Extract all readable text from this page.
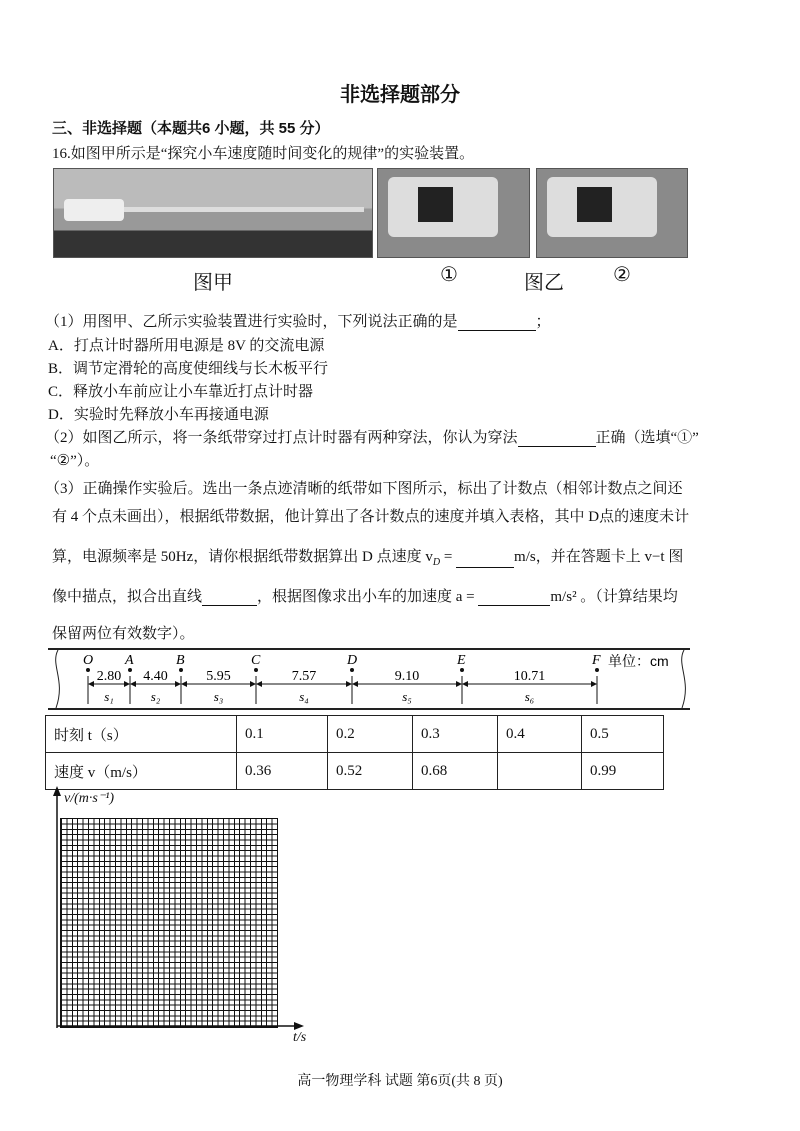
非选择题部分
三、非选择题（本题共6 小题，共 55 分）
16.如图甲所示是“探究小车速度随时间变化的规律”的实验装置。
图甲	①	图乙 ②
（1）用图甲、乙所示实验装置进行实验时，下列说法正确的是	；
A．打点计时器所用电源是 8V 的交流电源
B．调节定滑轮的高度使细线与长木板平行
C．释放小车前应让小车靠近打点计时器
D．实验时先释放小车再接通电源
（2）如图乙所示，将一条纸带穿过打点计时器有两种穿法，你认为穿法	正确（选填“①”
“②”）。
（3）正确操作实验后。选出一条点迹清晰的纸带如下图所示，标出了计数点（相邻计数点之间还
有 4 个点未画出），根据纸带数据，他计算出了各计数点的速度并填入表格，其中 D点的速度未计
算，电源频率是 50Hz，请你根据纸带数据算出 D 点速度 $v_D$ =	m/s，并在答题卡上 v−t 图
像中描点，拟合出直线	，根据图像求出小车的加速度 a =	m/s² 。（计算结果均
保留两位有效数字）。
O
2.80
s₁
A
4.40
s₂
B
5.95
s₃
C
7.57
s₄
D
9.10
s₅
E
10.71
s₆
F 单位：cm
时刻 t（s）	0.1	0.2	0.3	0.4	0.5
速度 v（m/s）	0.36	0.52	0.68		0.99
v/(m·s⁻¹)
t/s
高一物理学科 试题 第6页(共 8 页)
